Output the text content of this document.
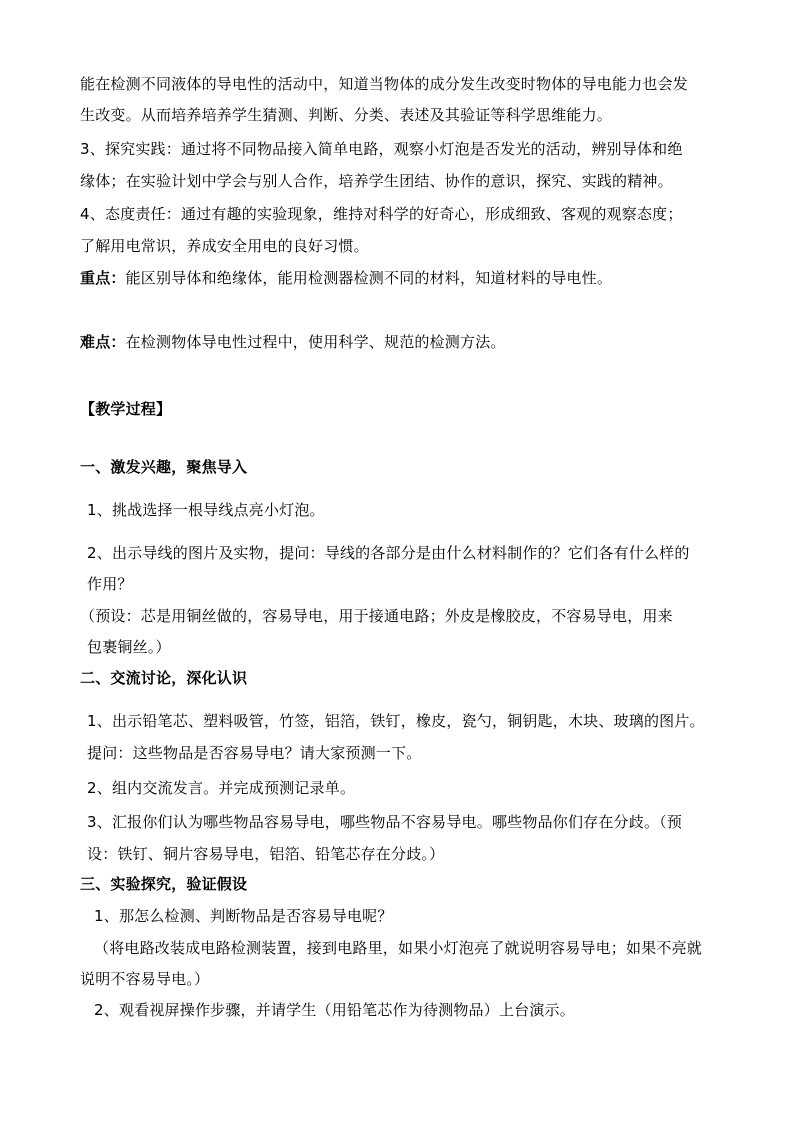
能在检测不同液体的导电性的活动中，知道当物体的成分发生改变时物体的导电能力也会发
生改变。从而培养培养学生猜测、判断、分类、表述及其验证等科学思维能力。
3、探究实践：通过将不同物品接入简单电路，观察小灯泡是否发光的活动，辨别导体和绝
缘体；在实验计划中学会与别人合作，培养学生团结、协作的意识，探究、实践的精神。
4、态度责任：通过有趣的实验现象，维持对科学的好奇心，形成细致、客观的观察态度；
了解用电常识，养成安全用电的良好习惯。
重点：能区别导体和绝缘体，能用检测器检测不同的材料，知道材料的导电性。
难点：在检测物体导电性过程中，使用科学、规范的检测方法。
【教学过程】
一、激发兴趣，聚焦导入
1、挑战选择一根导线点亮小灯泡。
2、出示导线的图片及实物，提问：导线的各部分是由什么材料制作的？它们各有什么样的
作用？
（预设：芯是用铜丝做的，容易导电，用于接通电路；外皮是橡胶皮，不容易导电，用来
包裹铜丝。）
二、交流讨论，深化认识
1、出示铅笔芯、塑料吸管，竹签，铝箔，铁钉，橡皮，瓷勺，铜钥匙，木块、玻璃的图片。
提问：这些物品是否容易导电？请大家预测一下。
2、组内交流发言。并完成预测记录单。
3、汇报你们认为哪些物品容易导电，哪些物品不容易导电。哪些物品你们存在分歧。（预
设：铁钉、铜片容易导电，铝箔、铅笔芯存在分歧。）
三、实验探究，验证假设
1、那怎么检测、判断物品是否容易导电呢？
（将电路改装成电路检测装置，接到电路里，如果小灯泡亮了就说明容易导电；如果不亮就
说明不容易导电。）
2、观看视屏操作步骤，并请学生（用铅笔芯作为待测物品）上台演示。
